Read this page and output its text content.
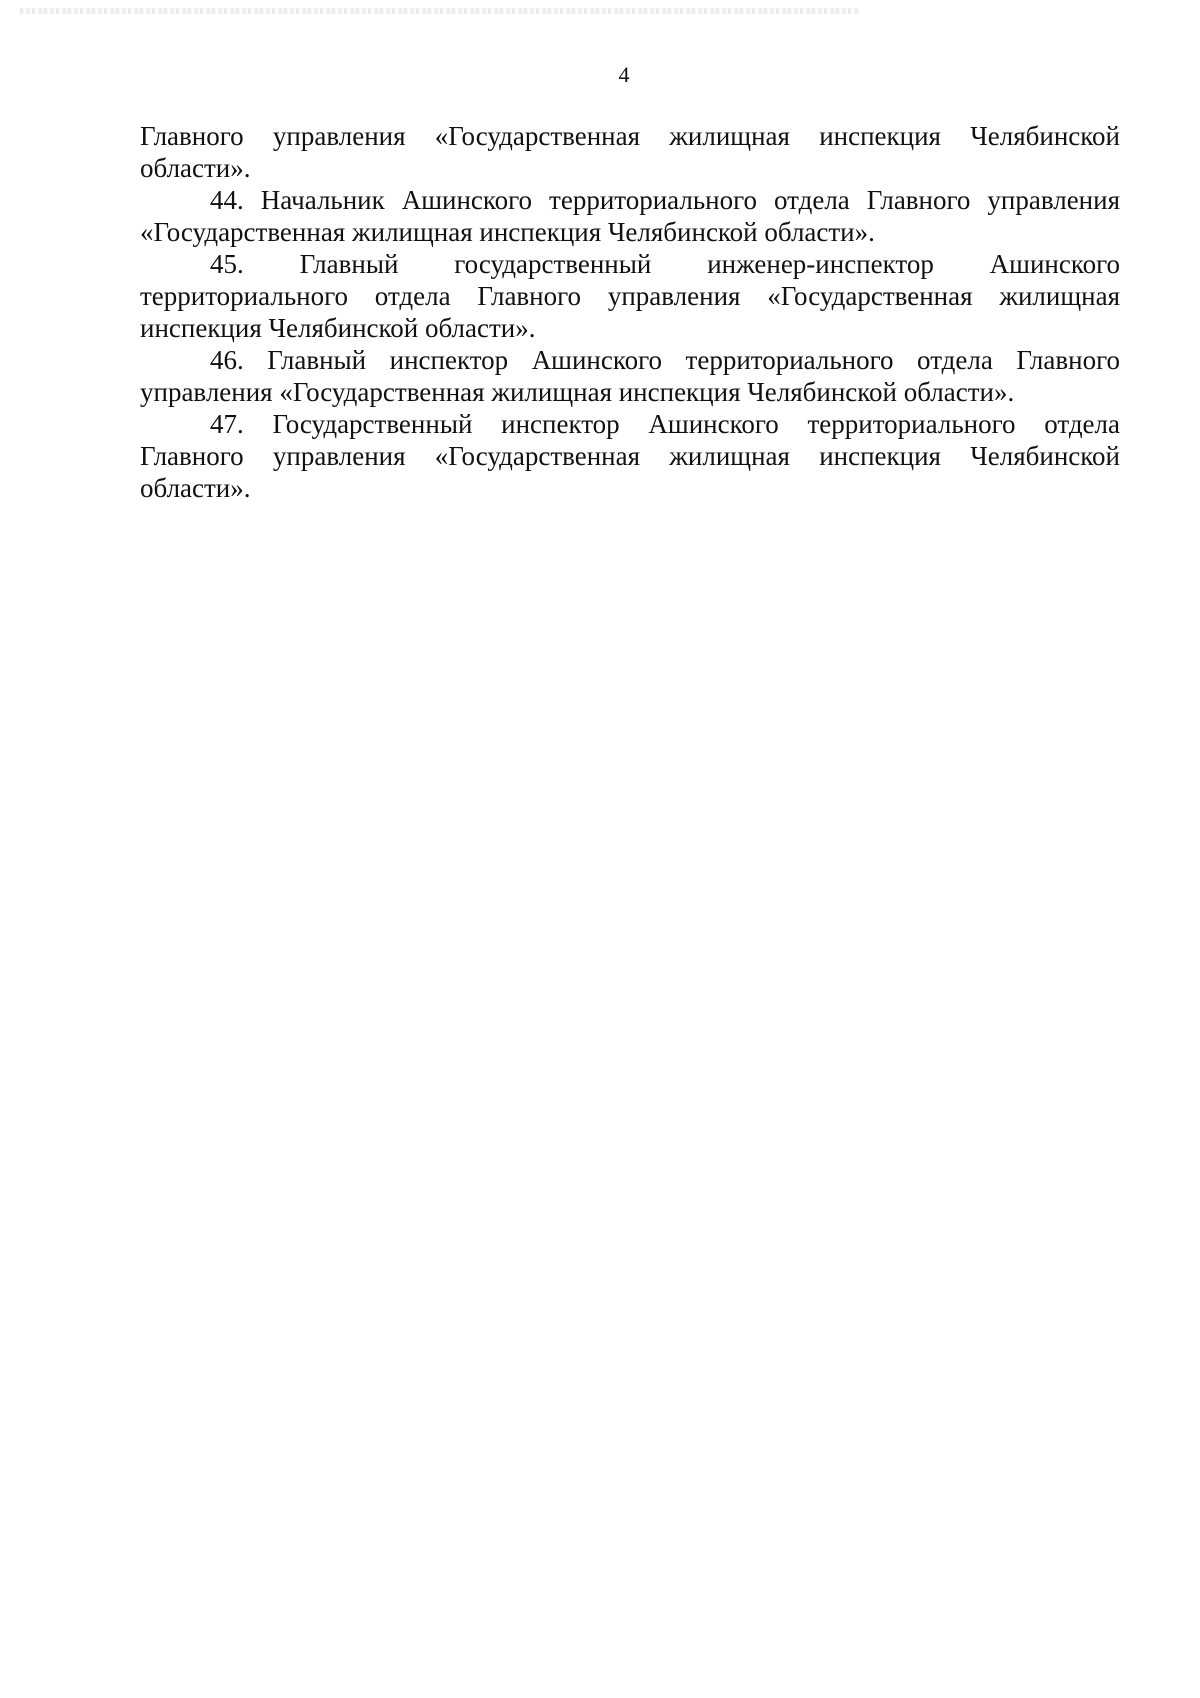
4

Главного управления «Государственная жилищная инспекция Челябинской области».

44. Начальник Ашинского территориального отдела Главного управления «Государственная жилищная инспекция Челябинской области».

45. Главный государственный инженер-инспектор Ашинского территориального отдела Главного управления «Государственная жилищная инспекция Челябинской области».

46. Главный инспектор Ашинского территориального отдела Главного управления «Государственная жилищная инспекция Челябинской области».

47. Государственный инспектор Ашинского территориального отдела Главного управления «Государственная жилищная инспекция Челябинской области».
